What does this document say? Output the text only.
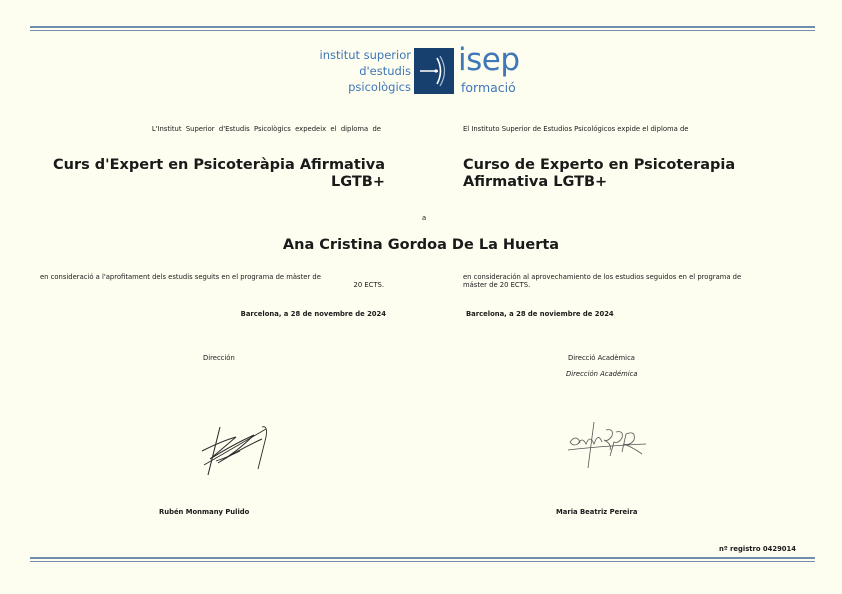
institut superior
d'estudis
psicològics
isep
formació
L'Institut  Superior  d'Estudis  Psicològics  expedeix  el  diploma  de	El Instituto Superior de Estudios Psicológicos expide el diploma de
Curs d'Expert en Psicoteràpia Afirmativa
LGTB+
Curso de Experto en Psicoterapia
Afirmativa LGTB+
a
Ana Cristina Gordoa De La Huerta
en consideració a l'aprofitament dels estudis seguits en el programa de màster de
20 ECTS.
en consideración al aprovechamiento de los estudios seguidos en el programa de
máster de 20 ECTS.
Barcelona, a 28 de novembre de 2024	Barcelona, a 28 de noviembre de 2024
Dirección	Direcció Acadèmica
Dirección Académica
Rubén Monmany Pulido	Maria Beatriz Pereira
nº registro 0429014
